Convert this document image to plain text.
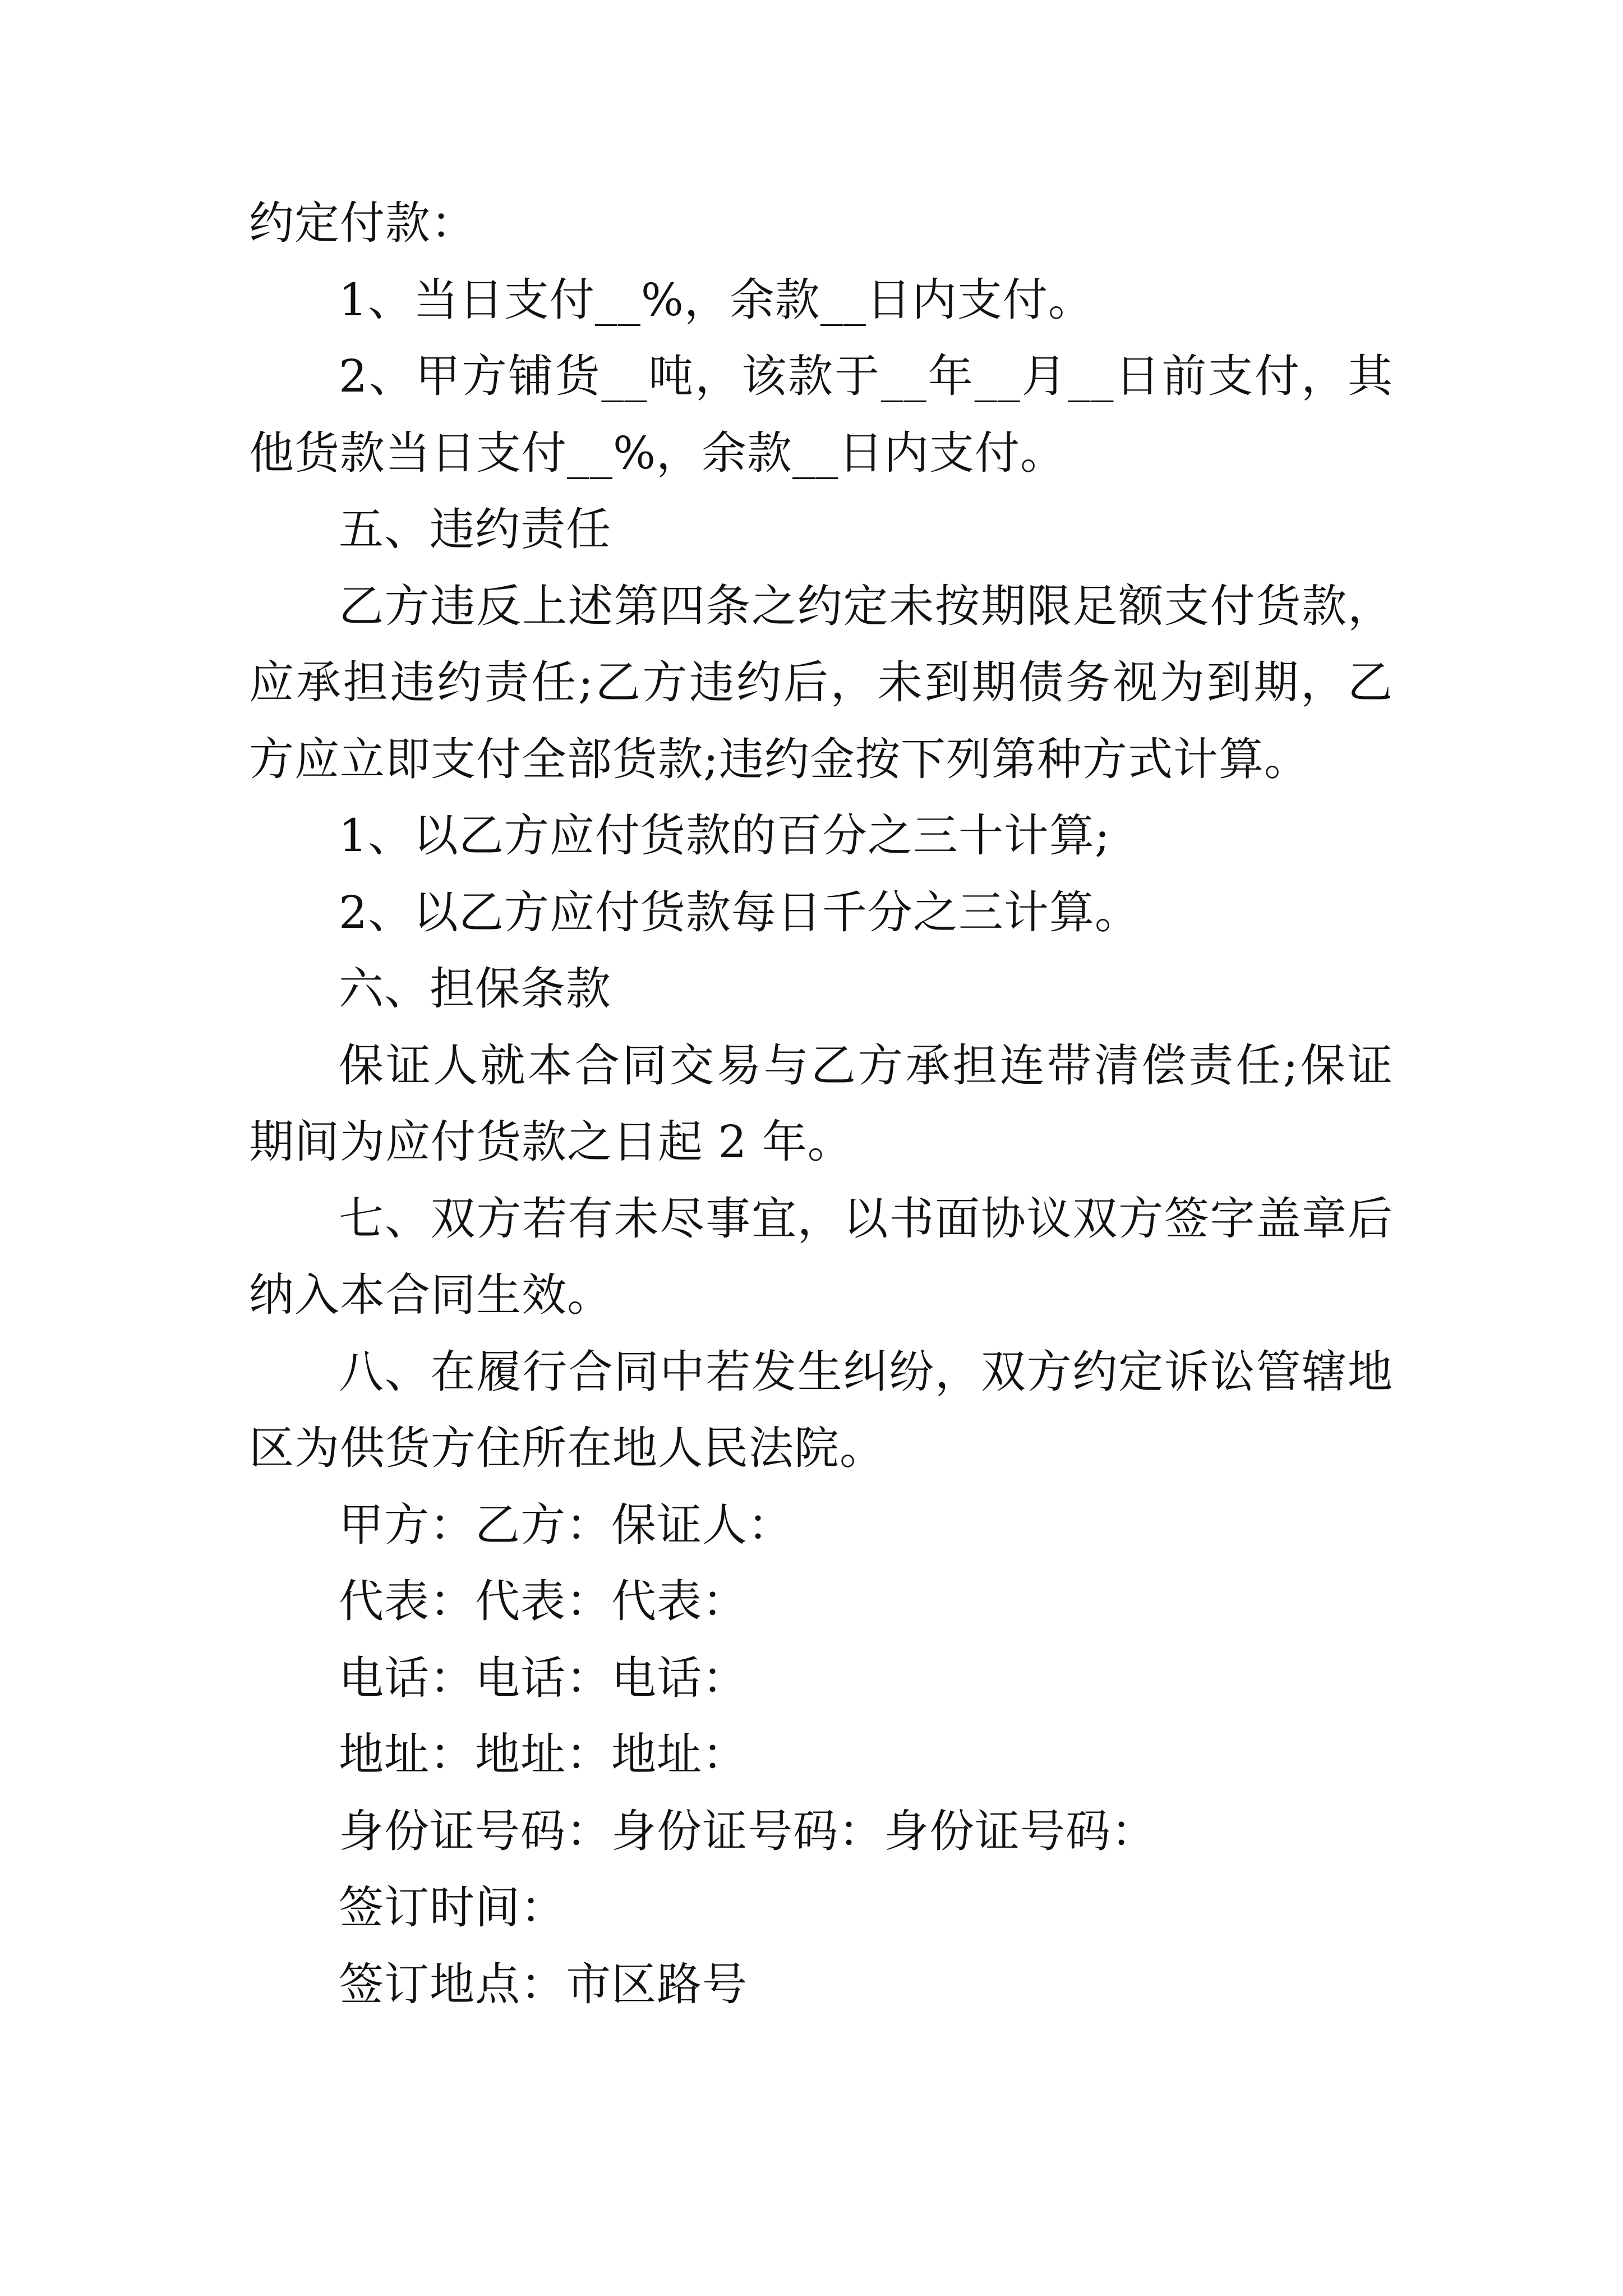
约定付款：

1、当日支付__%，余款__日内支付。

2、甲方铺货__吨，该款于__年__月__日前支付，其他货款当日支付__%，余款__日内支付。

五、违约责任

乙方违反上述第四条之约定未按期限足额支付货款，应承担违约责任;乙方违约后，未到期债务视为到期，乙方应立即支付全部货款;违约金按下列第种方式计算。

1、以乙方应付货款的百分之三十计算;

2、以乙方应付货款每日千分之三计算。

六、担保条款

保证人就本合同交易与乙方承担连带清偿责任;保证期间为应付货款之日起 2 年。

七、双方若有未尽事宜，以书面协议双方签字盖章后纳入本合同生效。

八、在履行合同中若发生纠纷，双方约定诉讼管辖地区为供货方住所在地人民法院。

甲方：乙方：保证人：

代表：代表：代表：

电话：电话：电话：

地址：地址：地址：

身份证号码：身份证号码：身份证号码：

签订时间：

签订地点：市区路号
